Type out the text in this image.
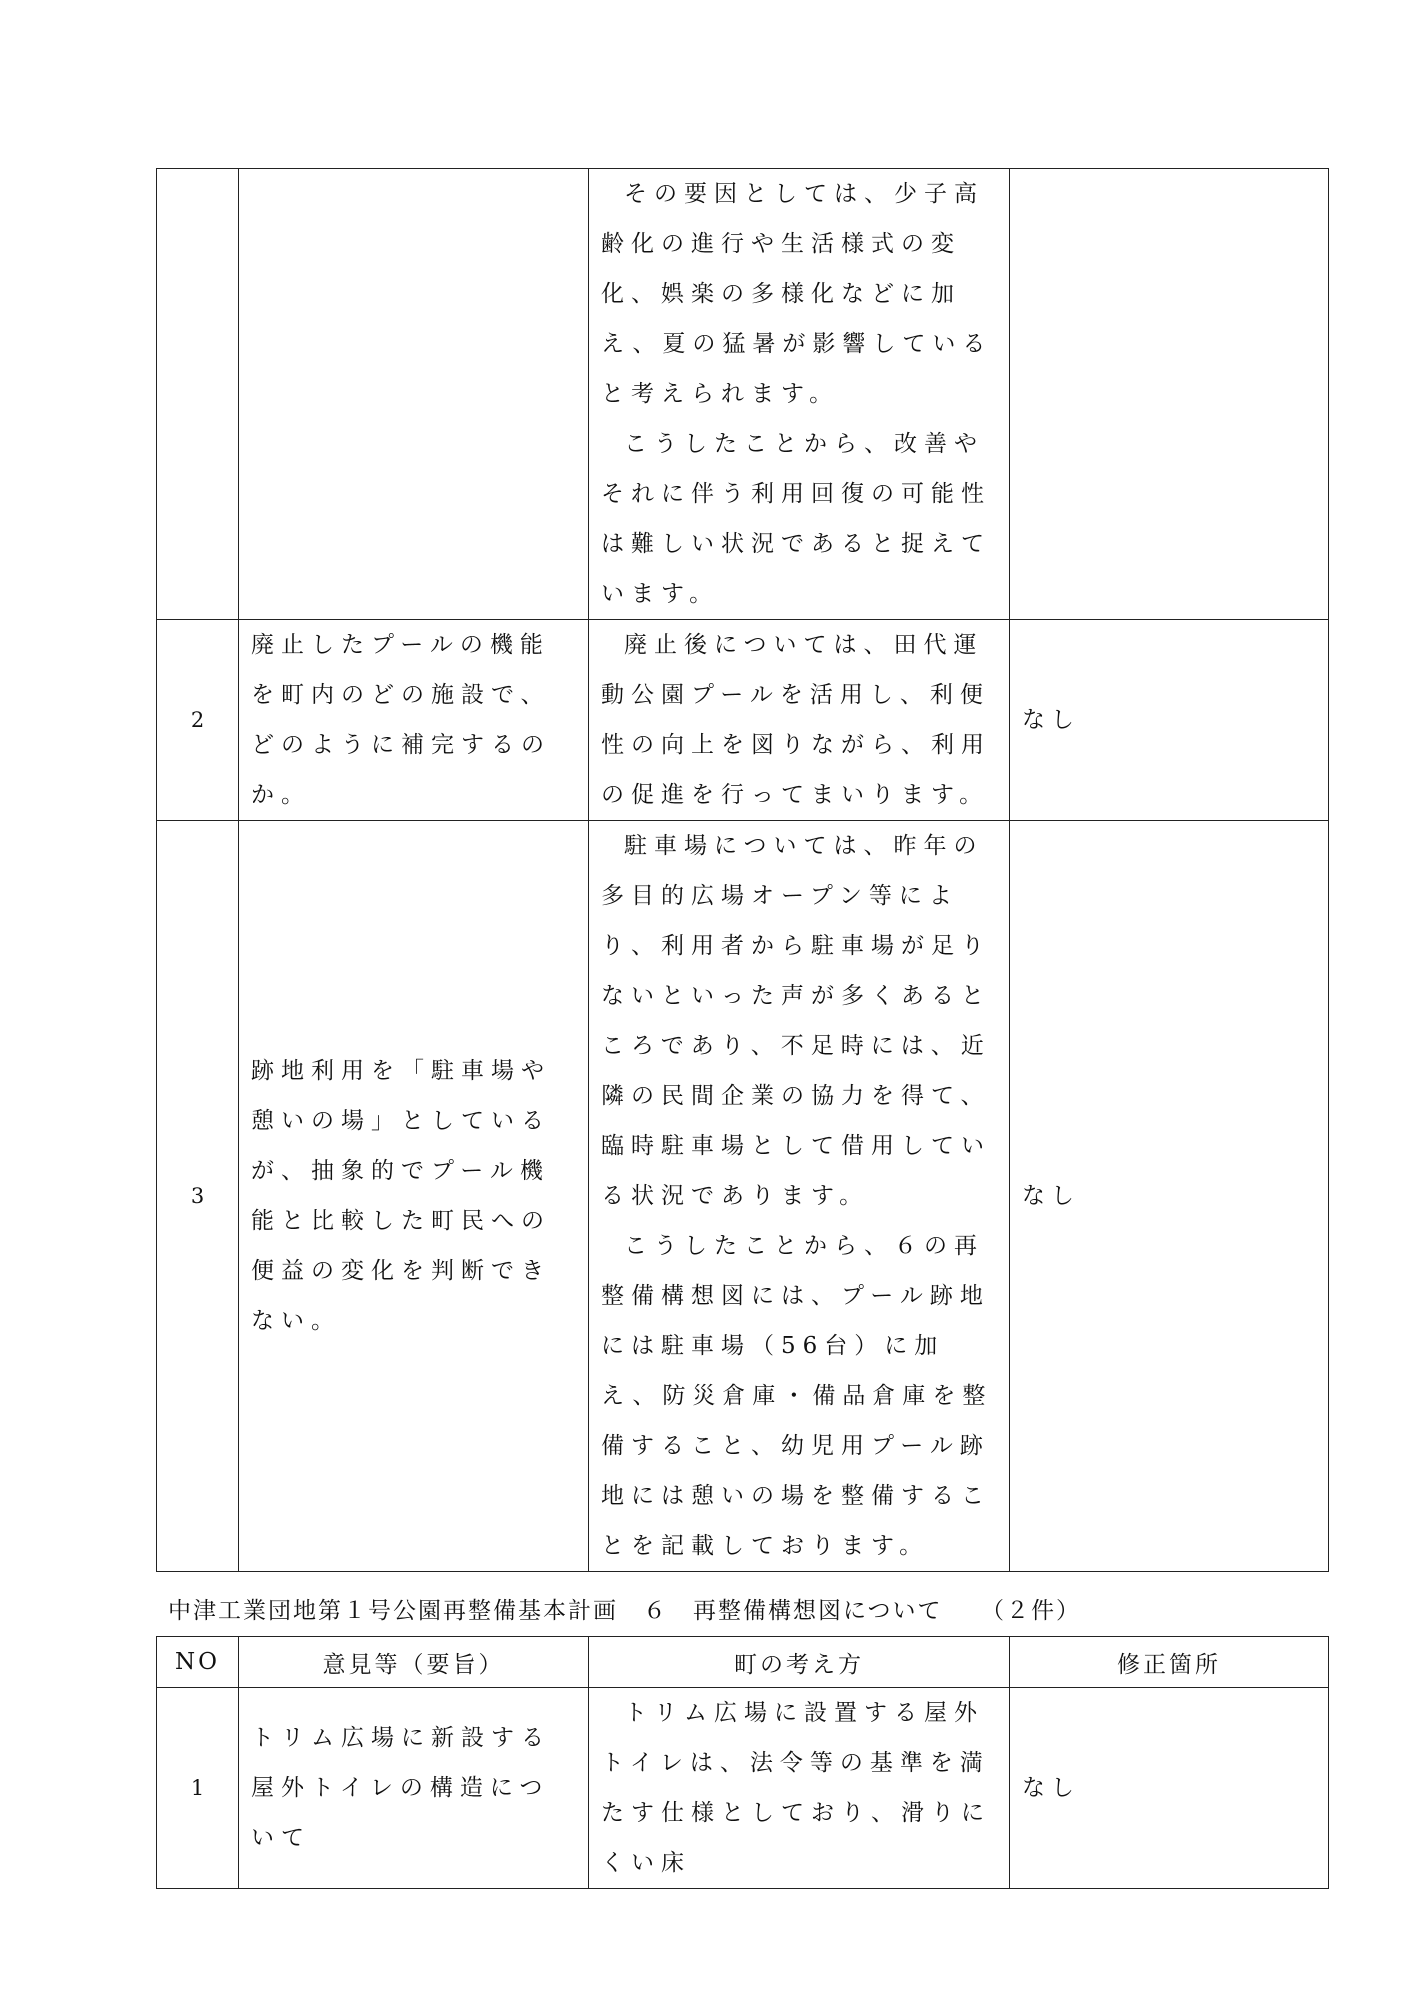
		その要因としては、少子高齢化の進行や生活様式の変化、娯楽の多様化などに加え、夏の猛暑が影響していると考えられます。
こうしたことから、改善やそれに伴う利用回復の可能性は難しい状況であると捉えています。	

2	廃止したプールの機能を町内のどの施設で、どのように補完するのか。	廃止後については、田代運動公園プールを活用し、利便性の向上を図りながら、利用の促進を行ってまいります。	なし
3	跡地利用を「駐車場や憩いの場」としているが、抽象的でプール機能と比較した町民への便益の変化を判断できない。	駐車場については、昨年の多目的広場オープン等により、利用者から駐車場が足りないといった声が多くあるところであり、不足時には、近隣の民間企業の協力を得て、臨時駐車場として借用している状況であります。
こうしたことから、６の再整備構想図には、プール跡地には駐車場（56台）に加え、防災倉庫・備品倉庫を整備すること、幼児用プール跡地には憩いの場を整備することを記載しております。	なし
中津工業団地第１号公園再整備基本計画　６　再整備構想図について　　（２件）
NO	意見等（要旨）	町の考え方	修正箇所
1	トリム広場に新設する屋外トイレの構造について	トリム広場に設置する屋外トイレは、法令等の基準を満たす仕様としており、滑りにくい床	なし
